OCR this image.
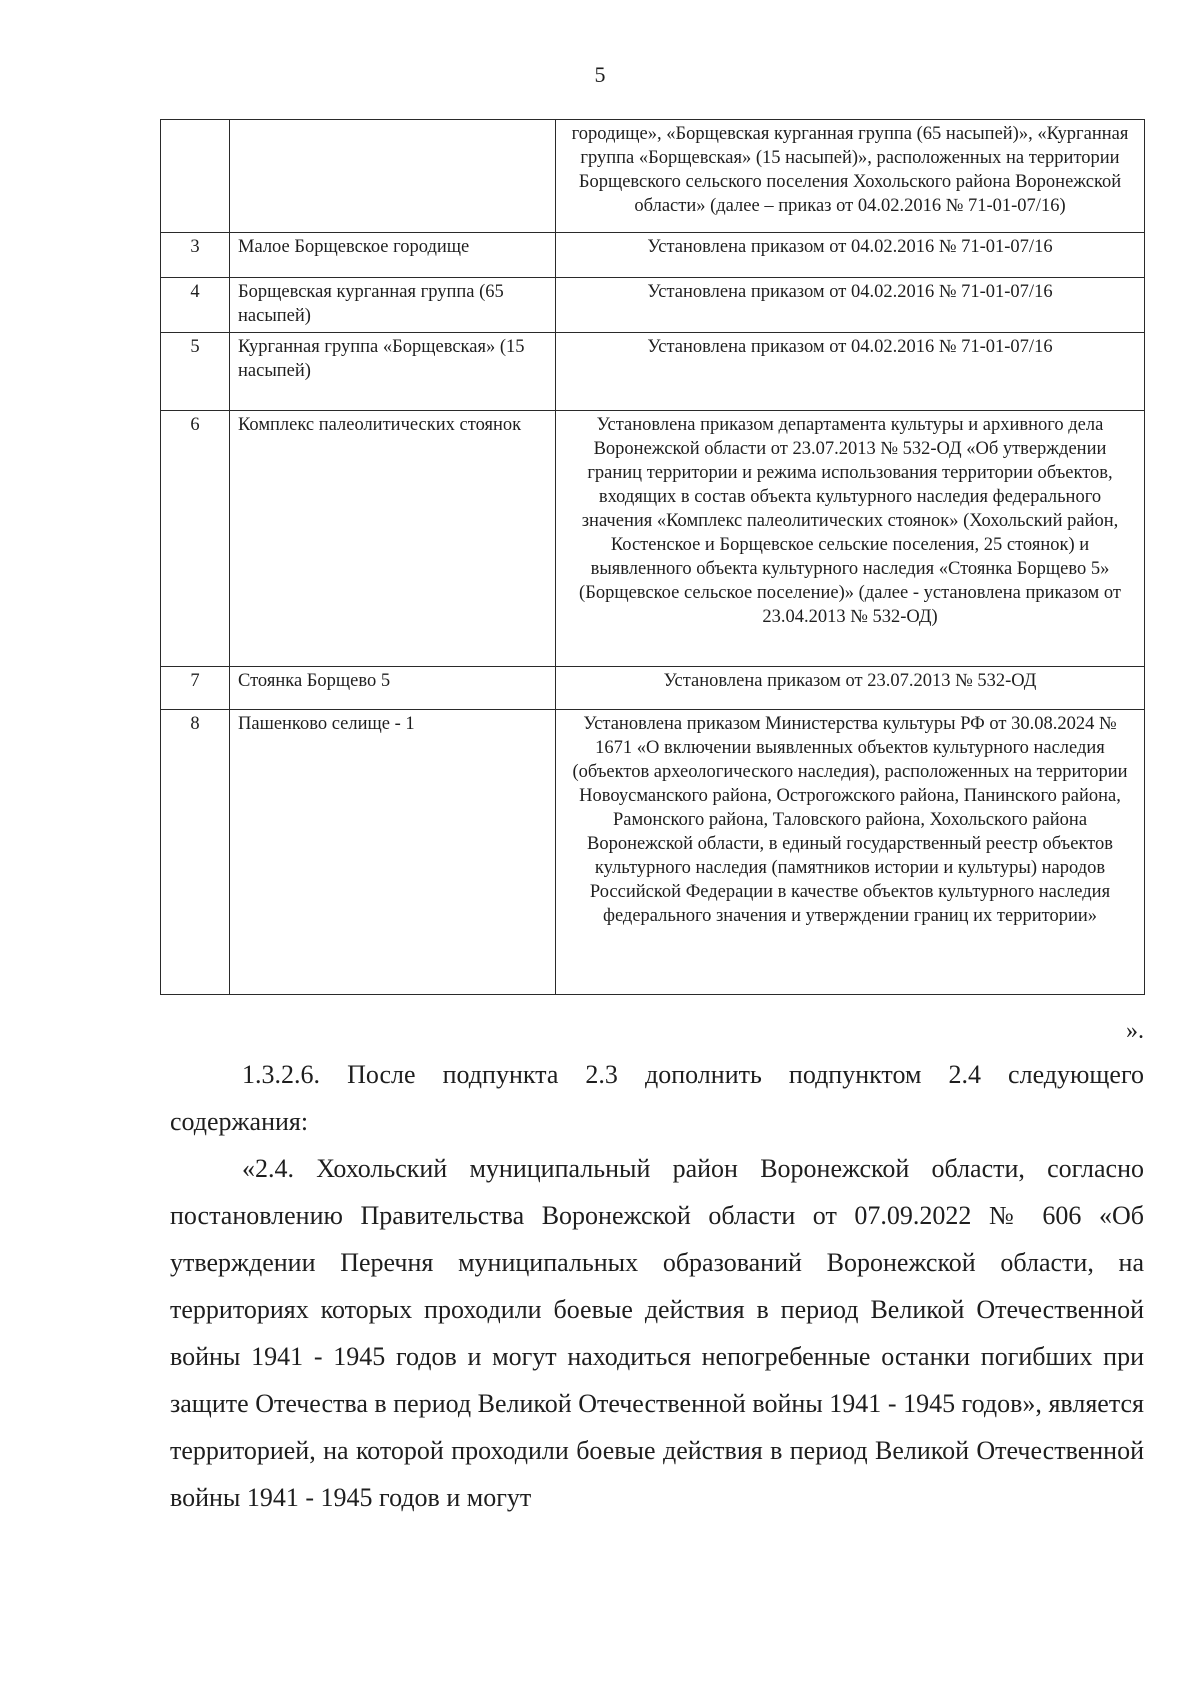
5
		городище», «Борщевская курганная группа (65 насыпей)», «Курганная группа «Борщевская» (15 насыпей)», расположенных на территории Борщевского сельского поселения Хохольского района Воронежской области» (далее – приказ от 04.02.2016 № 71-01-07/16)
3	Малое Борщевское городище	Установлена приказом от 04.02.2016 № 71-01-07/16
4	Борщевская курганная группа (65 насыпей)	Установлена приказом от 04.02.2016 № 71-01-07/16
5	Курганная группа «Борщевская» (15 насыпей)	Установлена приказом от 04.02.2016 № 71-01-07/16
6	Комплекс палеолитических стоянок	Установлена приказом департамента культуры и архивного дела Воронежской области от 23.07.2013 № 532-ОД «Об утверждении границ территории и режима использования территории объектов, входящих в состав объекта культурного наследия федерального значения «Комплекс палеолитических стоянок» (Хохольский район, Костенское и Борщевское сельские поселения, 25 стоянок) и выявленного объекта культурного наследия «Стоянка Борщево 5» (Борщевское сельское поселение)» (далее - установлена приказом от 23.04.2013 № 532-ОД)
7	Стоянка Борщево 5	Установлена приказом от 23.07.2013 № 532-ОД
8	Пашенково селище - 1	Установлена приказом Министерства культуры РФ от 30.08.2024 № 1671 «О включении выявленных объектов культурного наследия (объектов археологического наследия), расположенных на территории Новоусманского района, Острогожского района, Панинского района, Рамонского района, Таловского района, Хохольского района Воронежской области, в единый государственный реестр объектов культурного наследия (памятников истории и культуры) народов Российской Федерации в качестве объектов культурного наследия федерального значения и утверждении границ их территории»
».

1.3.2.6. После подпункта 2.3 дополнить подпунктом 2.4 следующего содержания:

«2.4. Хохольский муниципальный район Воронежской области, согласно постановлению Правительства Воронежской области от 07.09.2022 № 606 «Об утверждении Перечня муниципальных образований Воронежской области, на территориях которых проходили боевые действия в период Великой Отечественной войны 1941 - 1945 годов и могут находиться непогребенные останки погибших при защите Отечества в период Великой Отечественной войны 1941 - 1945 годов», является территорией, на которой проходили боевые действия в период Великой Отечественной войны 1941 - 1945 годов и могут
